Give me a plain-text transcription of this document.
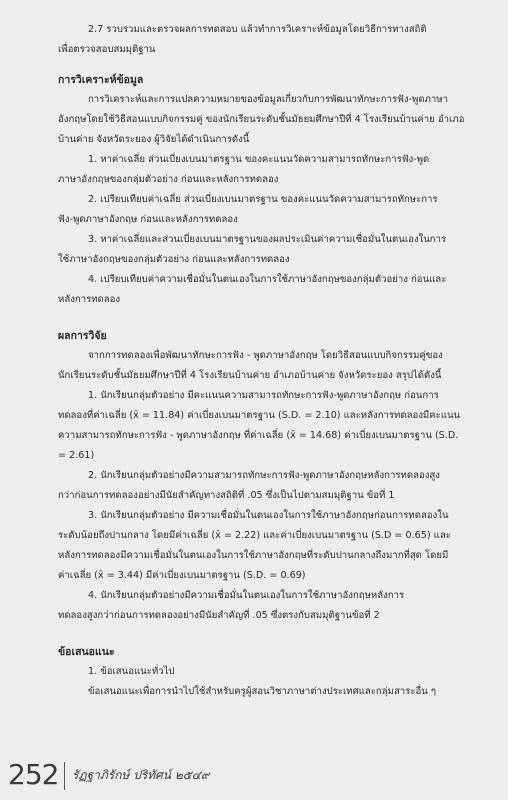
2.7 รวบรวมและตรวจผลการทดสอบ แล้วทำการวิเคราะห์ข้อมูลโดยวิธีการทางสถิติ

เพื่อตรวจสอบสมมุติฐาน

การวิเคราะห์ข้อมูล

การวิเคราะห์และการแปลความหมายของข้อมูลเกี่ยวกับการพัฒนาทักษะการฟัง-พูดภาษา

อังกฤษโดยใช้วิธีสอนแบบกิจกรรมคู่ ของนักเรียนระดับชั้นมัธยมศึกษาปีที่ 4 โรงเรียนบ้านค่าย อำเภอ

บ้านค่าย จังหวัดระยอง ผู้วิจัยได้ดำเนินการดังนี้

1. หาค่าเฉลี่ย ส่วนเบี่ยงเบนมาตรฐาน ของคะแนนวัดความสามารถทักษะการฟัง-พูด

ภาษาอังกฤษของกลุ่มตัวอย่าง ก่อนและหลังการทดลอง

2. เปรียบเทียบค่าเฉลี่ย ส่วนเบี่ยงเบนมาตรฐาน ของคะแนนวัดความสามารถทักษะการ

ฟัง-พูดภาษาอังกฤษ ก่อนและหลังการทดลอง

3. หาค่าเฉลี่ยและส่วนเบี่ยงเบนมาตรฐานของผลประเมินค่าความเชื่อมั่นในตนเองในการ

ใช้ภาษาอังกฤษของกลุ่มตัวอย่าง ก่อนและหลังการทดลอง

4. เปรียบเทียบค่าความเชื่อมั่นในตนเองในการใช้ภาษาอังกฤษของกลุ่มตัวอย่าง ก่อนและ

หลังการทดลอง

ผลการวิจัย

จากการทดลองเพื่อพัฒนาทักษะการฟัง - พูดภาษาอังกฤษ โดยวิธีสอนแบบกิจกรรมคู่ของ

นักเรียนระดับชั้นมัธยมศึกษาปีที่ 4 โรงเรียนบ้านค่าย อำเภอบ้านค่าย จังหวัดระยอง สรุปได้ดังนี้

1. นักเรียนกลุ่มตัวอย่าง มีคะแนนความสามารถทักษะการฟัง-พูดภาษาอังกฤษ ก่อนการ

ทดลองที่ค่าเฉลี่ย (x̄ = 11.84) ค่าเบี่ยงเบนมาตรฐาน (S.D. = 2.10) และหลังการทดลองมีคะแนน

ความสามารถทักษะการฟัง - พูดภาษาอังกฤษ ที่ค่าเฉลี่ย (x̄ = 14.68) ค่าเบี่ยงเบนมาตรฐาน (S.D.

= 2.61)

2. นักเรียนกลุ่มตัวอย่างมีความสามารถทักษะการฟัง-พูดภาษาอังกฤษหลังการทดลองสูง

กว่าก่อนการทดลองอย่างมีนัยสำคัญทางสถิติที่ .05 ซึ่งเป็นไปตามสมมุติฐาน ข้อที่ 1

3. นักเรียนกลุ่มตัวอย่าง มีความเชื่อมั่นในตนเองในการใช้ภาษาอังกฤษก่อนการทดลองใน

ระดับน้อยถึงปานกลาง โดยมีค่าเฉลี่ย (x̄ = 2.22) และค่าเบี่ยงเบนมาตรฐาน (S.D = 0.65) และ

หลังการทดลองมีความเชื่อมั่นในตนเองในการใช้ภาษาอังกฤษที่ระดับปานกลางถึงมากที่สุด โดยมี

ค่าเฉลี่ย (x̄ = 3.44) มีค่าเบี่ยงเบนมาตรฐาน (S.D. = 0.69)

4. นักเรียนกลุ่มตัวอย่างมีความเชื่อมั่นในตนเองในการใช้ภาษาอังกฤษหลังการ

ทดลองสูงกว่าก่อนการทดลองอย่างมีนัยสำคัญที่ .05 ซึ่งตรงกับสมมุติฐานข้อที่ 2

ข้อเสนอแนะ

1. ข้อเสนอแนะทั่วไป

ข้อเสนอแนะเพื่อการนำไปใช้สำหรับครูผู้สอนวิชาภาษาต่างประเทศและกลุ่มสาระอื่น ๆ

252 รัฏฐาภิรักษ์ ปริทัศน์ ๒๕๔๙
